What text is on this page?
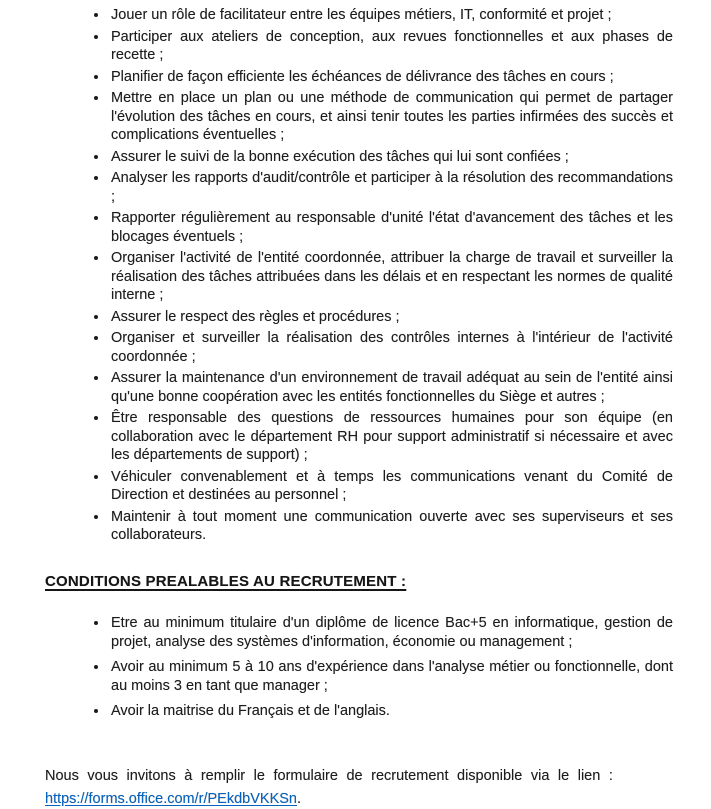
• Jouer un rôle de facilitateur entre les équipes métiers, IT, conformité et projet ;
• Participer aux ateliers de conception, aux revues fonctionnelles et aux phases de recette ;
• Planifier de façon efficiente les échéances de délivrance des tâches en cours ;
• Mettre en place un plan ou une méthode de communication qui permet de partager l'évolution des tâches en cours, et ainsi tenir toutes les parties infirmées des succès et complications éventuelles ;
• Assurer le suivi de la bonne exécution des tâches qui lui sont confiées ;
• Analyser les rapports d'audit/contrôle et participer à la résolution des recommandations ;
• Rapporter régulièrement au responsable d'unité l'état d'avancement des tâches et les blocages éventuels ;
• Organiser l'activité de l'entité coordonnée, attribuer la charge de travail et surveiller la réalisation des tâches attribuées dans les délais et en respectant les normes de qualité interne ;
• Assurer le respect des règles et procédures ;
• Organiser et surveiller la réalisation des contrôles internes à l'intérieur de l'activité coordonnée ;
• Assurer la maintenance d'un environnement de travail adéquat au sein de l'entité ainsi qu'une bonne coopération avec les entités fonctionnelles du Siège et autres ;
• Être responsable des questions de ressources humaines pour son équipe (en collaboration avec le département RH pour support administratif si nécessaire et avec les départements de support) ;
• Véhiculer convenablement et à temps les communications venant du Comité de Direction et destinées au personnel ;
• Maintenir à tout moment une communication ouverte avec ses superviseurs et ses collaborateurs.
CONDITIONS PREALABLES AU RECRUTEMENT :
• Etre au minimum titulaire d'un diplôme de licence Bac+5 en informatique, gestion de projet, analyse des systèmes d'information, économie ou management ;
• Avoir au minimum 5 à 10 ans d'expérience dans l'analyse métier ou fonctionnelle, dont au moins 3 en tant que manager ;
• Avoir la maitrise du Français et de l'anglais.

Nous vous invitons à remplir le formulaire de recrutement disponible via le lien :
https://forms.office.com/r/PEkdbVKKSn.
